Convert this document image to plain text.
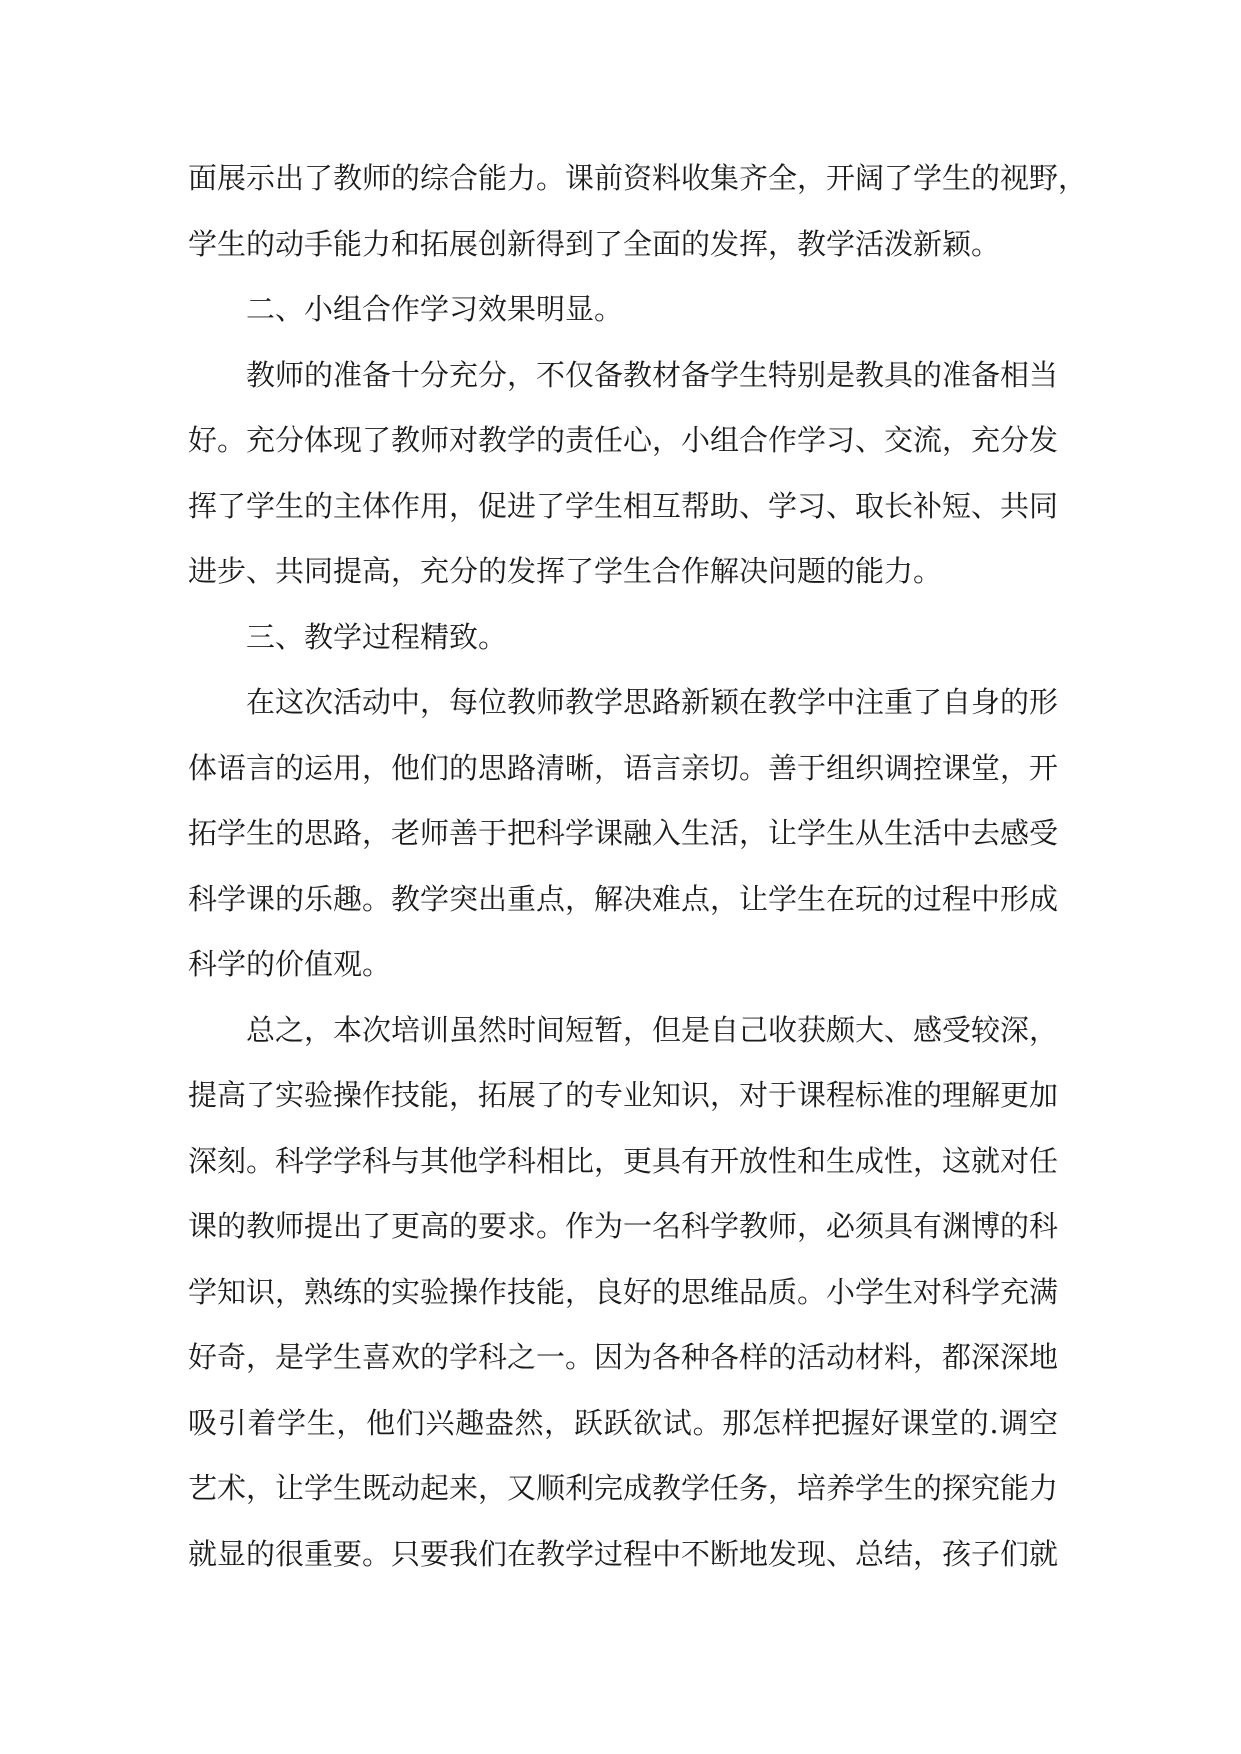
面展示出了教师的综合能力。课前资料收集齐全，开阔了学生的视野，
学生的动手能力和拓展创新得到了全面的发挥，教学活泼新颖。
二、小组合作学习效果明显。
教师的准备十分充分，不仅备教材备学生特别是教具的准备相当
好。充分体现了教师对教学的责任心，小组合作学习、交流，充分发
挥了学生的主体作用，促进了学生相互帮助、学习、取长补短、共同
进步、共同提高，充分的发挥了学生合作解决问题的能力。
三、教学过程精致。
在这次活动中，每位教师教学思路新颖在教学中注重了自身的形
体语言的运用，他们的思路清晰，语言亲切。善于组织调控课堂，开
拓学生的思路，老师善于把科学课融入生活，让学生从生活中去感受
科学课的乐趣。教学突出重点，解决难点，让学生在玩的过程中形成
科学的价值观。
总之，本次培训虽然时间短暂，但是自己收获颇大、感受较深，
提高了实验操作技能，拓展了的专业知识，对于课程标准的理解更加
深刻。科学学科与其他学科相比，更具有开放性和生成性，这就对任
课的教师提出了更高的要求。作为一名科学教师，必须具有渊博的科
学知识，熟练的实验操作技能，良好的思维品质。小学生对科学充满
好奇，是学生喜欢的学科之一。因为各种各样的活动材料，都深深地
吸引着学生，他们兴趣盎然，跃跃欲试。那怎样把握好课堂的.调空
艺术，让学生既动起来，又顺利完成教学任务，培养学生的探究能力
就显的很重要。只要我们在教学过程中不断地发现、总结，孩子们就
